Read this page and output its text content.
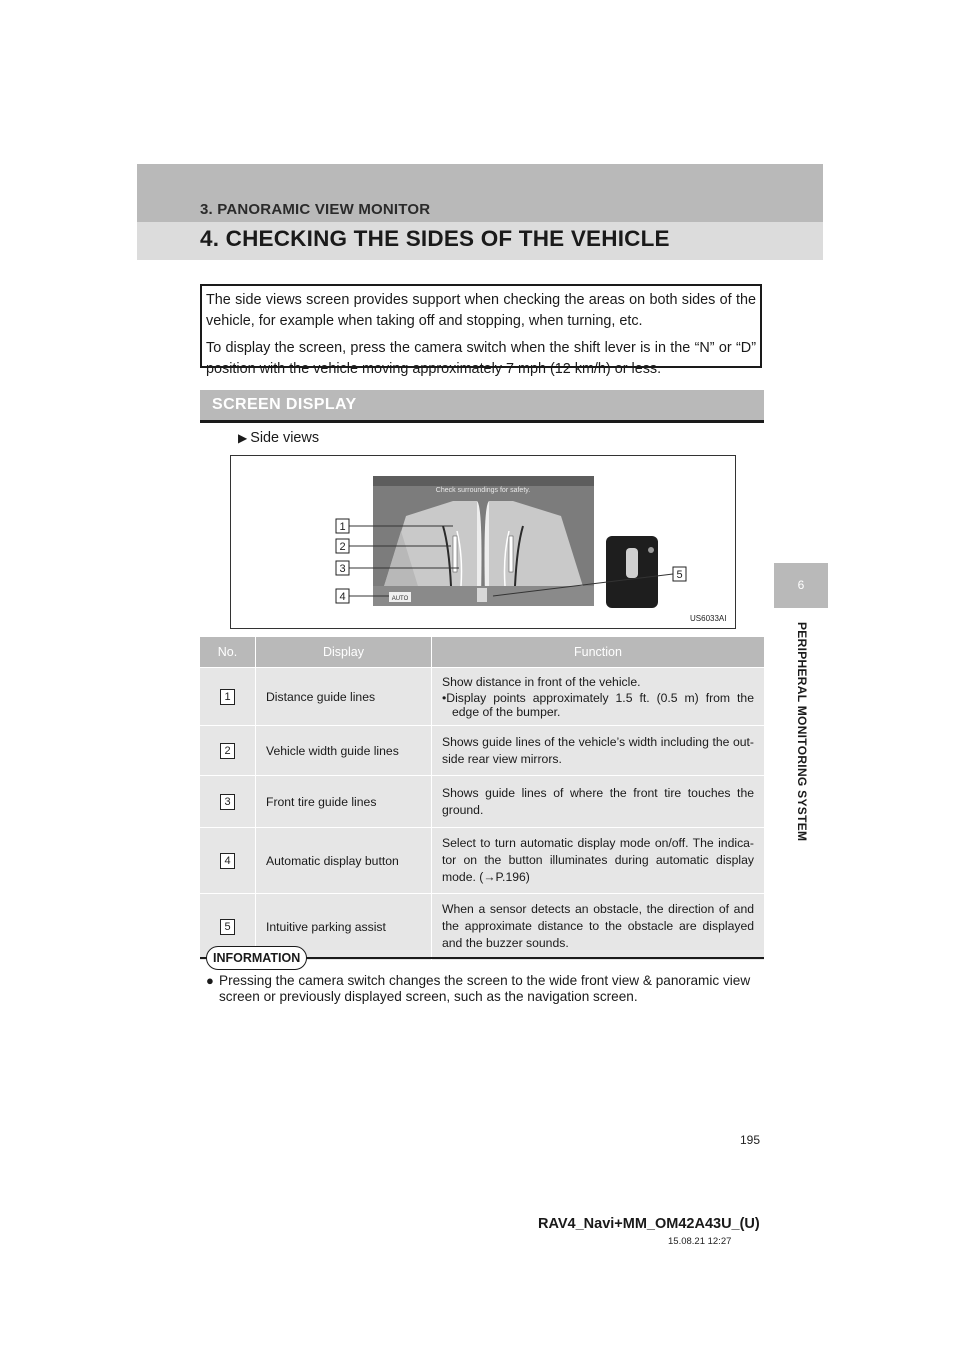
3. PANORAMIC VIEW MONITOR
4. CHECKING THE SIDES OF THE VEHICLE
6
PERIPHERAL MONITORING SYSTEM

The side views screen provides support when checking the areas on both sides of the vehicle, for example when taking off and stopping, when turning, etc.

To display the screen, press the camera switch when the shift lever is in the “N” or “D” position with the vehicle moving approximately 7 mph (12 km/h) or less.

SCREEN DISPLAY
▶ Side views
Check surroundings for safety.
AUTO
1
2
3
4
5
US6033AI
No.	Display	Function
1	Distance guide lines	Show distance in front of the vehicle.
•Display points approximately 1.5 ft. (0.5 m) from the edge of the bumper.

2	Vehicle width guide lines	Shows guide lines of the vehicle’s width including the out-side rear view mirrors.
3	Front tire guide lines	Shows guide lines of where the front tire touches the ground.
4	Automatic display button	Select to turn automatic display mode on/off. The indica-tor on the button illuminates during automatic display mode. (→P.196)
5	Intuitive parking assist	When a sensor detects an obstacle, the direction of and the approximate distance to the obstacle are displayed and the buzzer sounds.
INFORMATION
● Pressing the camera switch changes the screen to the wide front view & panoramic view screen or previously displayed screen, such as the navigation screen.
195
RAV4_Navi+MM_OM42A43U_(U)
15.08.21 12:27
